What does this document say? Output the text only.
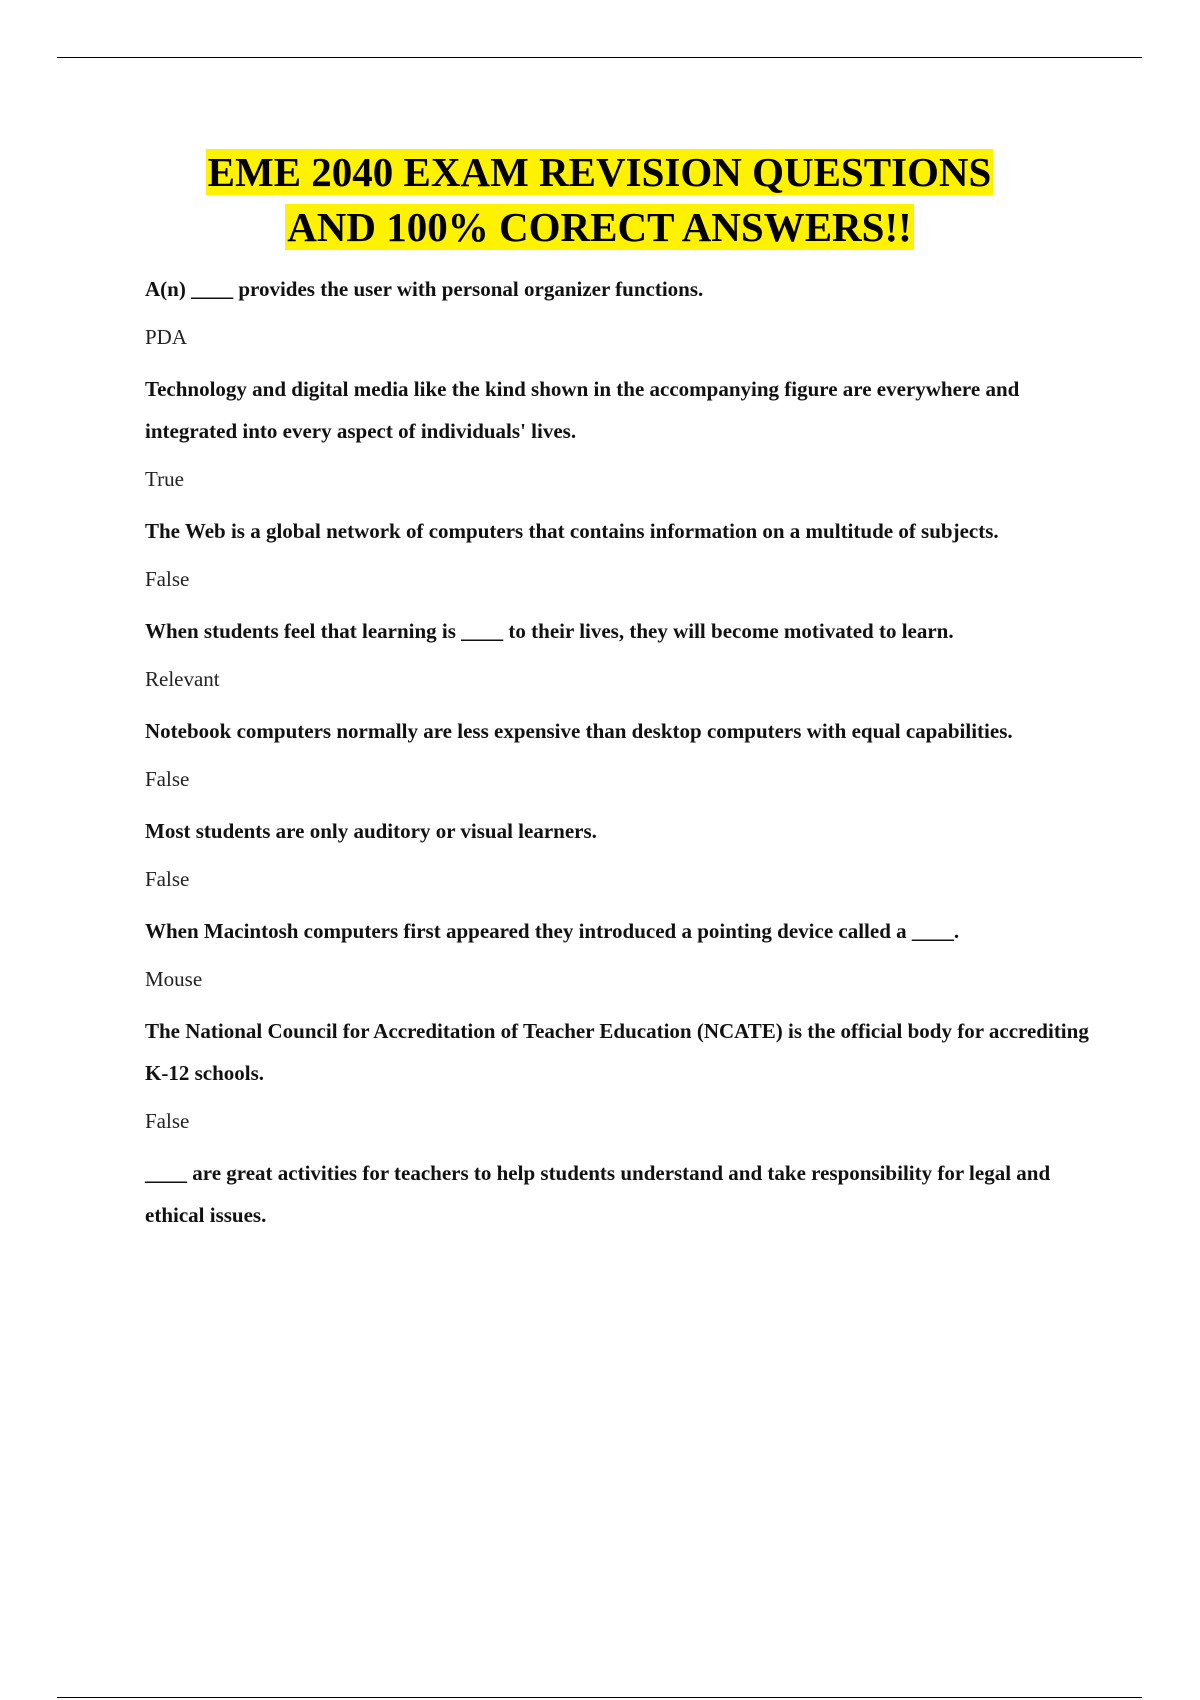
EME 2040 EXAM REVISION QUESTIONS
AND 100% CORECT ANSWERS!!

A(n) ____ provides the user with personal organizer functions.

PDA

Technology and digital media like the kind shown in the accompanying figure are everywhere and integrated into every aspect of individuals' lives.

True

The Web is a global network of computers that contains information on a multitude of subjects.

False

When students feel that learning is ____ to their lives, they will become motivated to learn.

Relevant

Notebook computers normally are less expensive than desktop computers with equal capabilities.

False

Most students are only auditory or visual learners.

False

When Macintosh computers first appeared they introduced a pointing device called a ____.

Mouse

The National Council for Accreditation of Teacher Education (NCATE) is the official body for accrediting K-12 schools.

False

____ are great activities for teachers to help students understand and take responsibility for legal and ethical issues.
